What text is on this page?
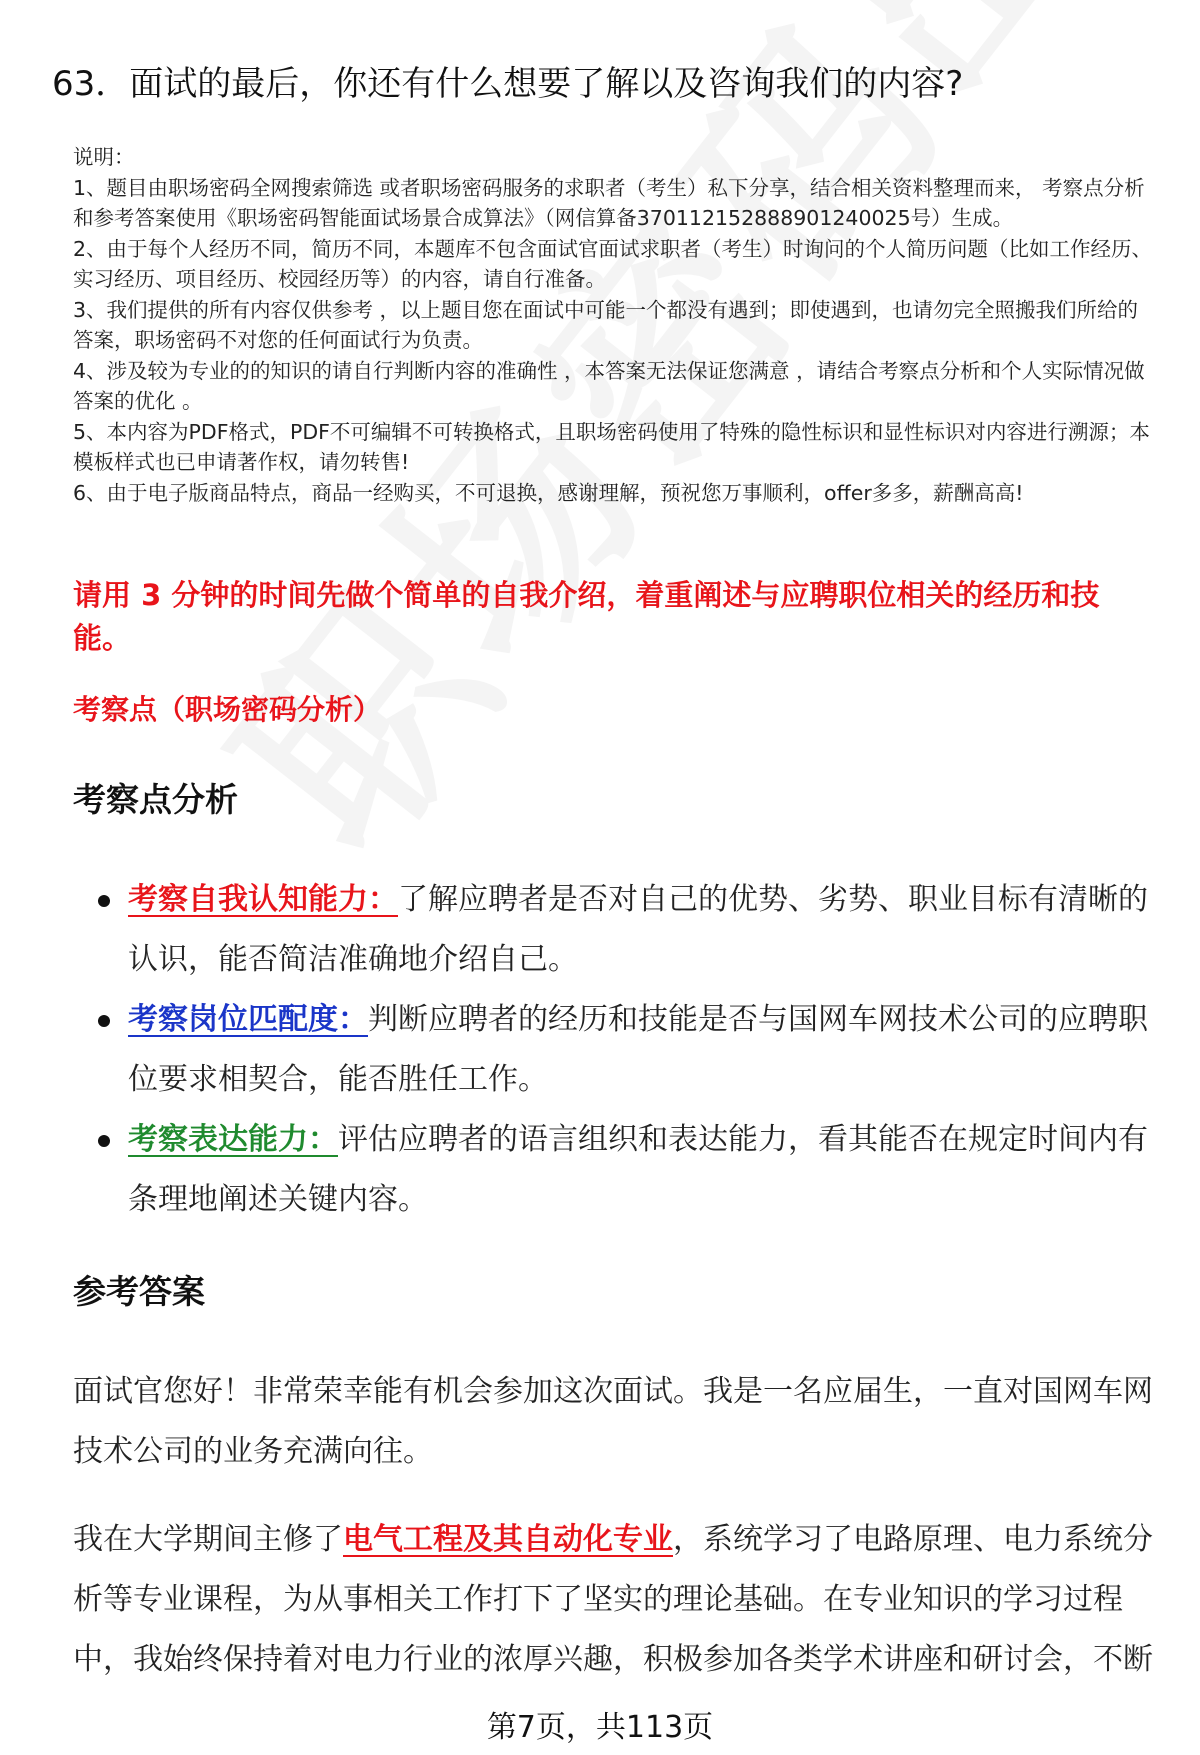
63．面试的最后，你还有什么想要了解以及咨询我们的内容?

说明：

1、题目由职场密码全网搜索筛选 或者职场密码服务的求职者（考生）私下分享，结合相关资料整理而来， 考察点分析和参考答案使用《职场密码智能面试场景合成算法》（网信算备370112152888901240025号）生成。

2、由于每个人经历不同，简历不同，本题库不包含面试官面试求职者（考生）时询问的个人简历问题（比如工作经历、实习经历、项目经历、校园经历等）的内容，请自行准备。

3、我们提供的所有内容仅供参考 ，以上题目您在面试中可能一个都没有遇到；即使遇到，也请勿完全照搬我们所给的答案，职场密码不对您的任何面试行为负责。

4、涉及较为专业的的知识的请自行判断内容的准确性 ，本答案无法保证您满意 ，请结合考察点分析和个人实际情况做答案的优化 。

5、本内容为PDF格式，PDF不可编辑不可转换格式，且职场密码使用了特殊的隐性标识和显性标识对内容进行溯源；本模板样式也已申请著作权，请勿转售!

6、由于电子版商品特点，商品一经购买，不可退换，感谢理解，预祝您万事顺利，offer多多，薪酬高高!

请用 3 分钟的时间先做个简单的自我介绍，着重阐述与应聘职位相关的经历和技能。

考察点（职场密码分析）

考察点分析
考察自我认知能力：了解应聘者是否对自己的优势、劣势、职业目标有清晰的认识，能否简洁准确地介绍自己。
考察岗位匹配度：判断应聘者的经历和技能是否与国网车网技术公司的应聘职位要求相契合，能否胜任工作。
考察表达能力：评估应聘者的语言组织和表达能力，看其能否在规定时间内有条理地阐述关键内容。
参考答案

面试官您好！非常荣幸能有机会参加这次面试。我是一名应届生，一直对国网车网技术公司的业务充满向往。

我在大学期间主修了电气工程及其自动化专业，系统学习了电路原理、电力系统分析等专业课程，为从事相关工作打下了坚实的理论基础。在专业知识的学习过程中，我始终保持着对电力行业的浓厚兴趣，积极参加各类学术讲座和研讨会，不断

第7页，共113页
